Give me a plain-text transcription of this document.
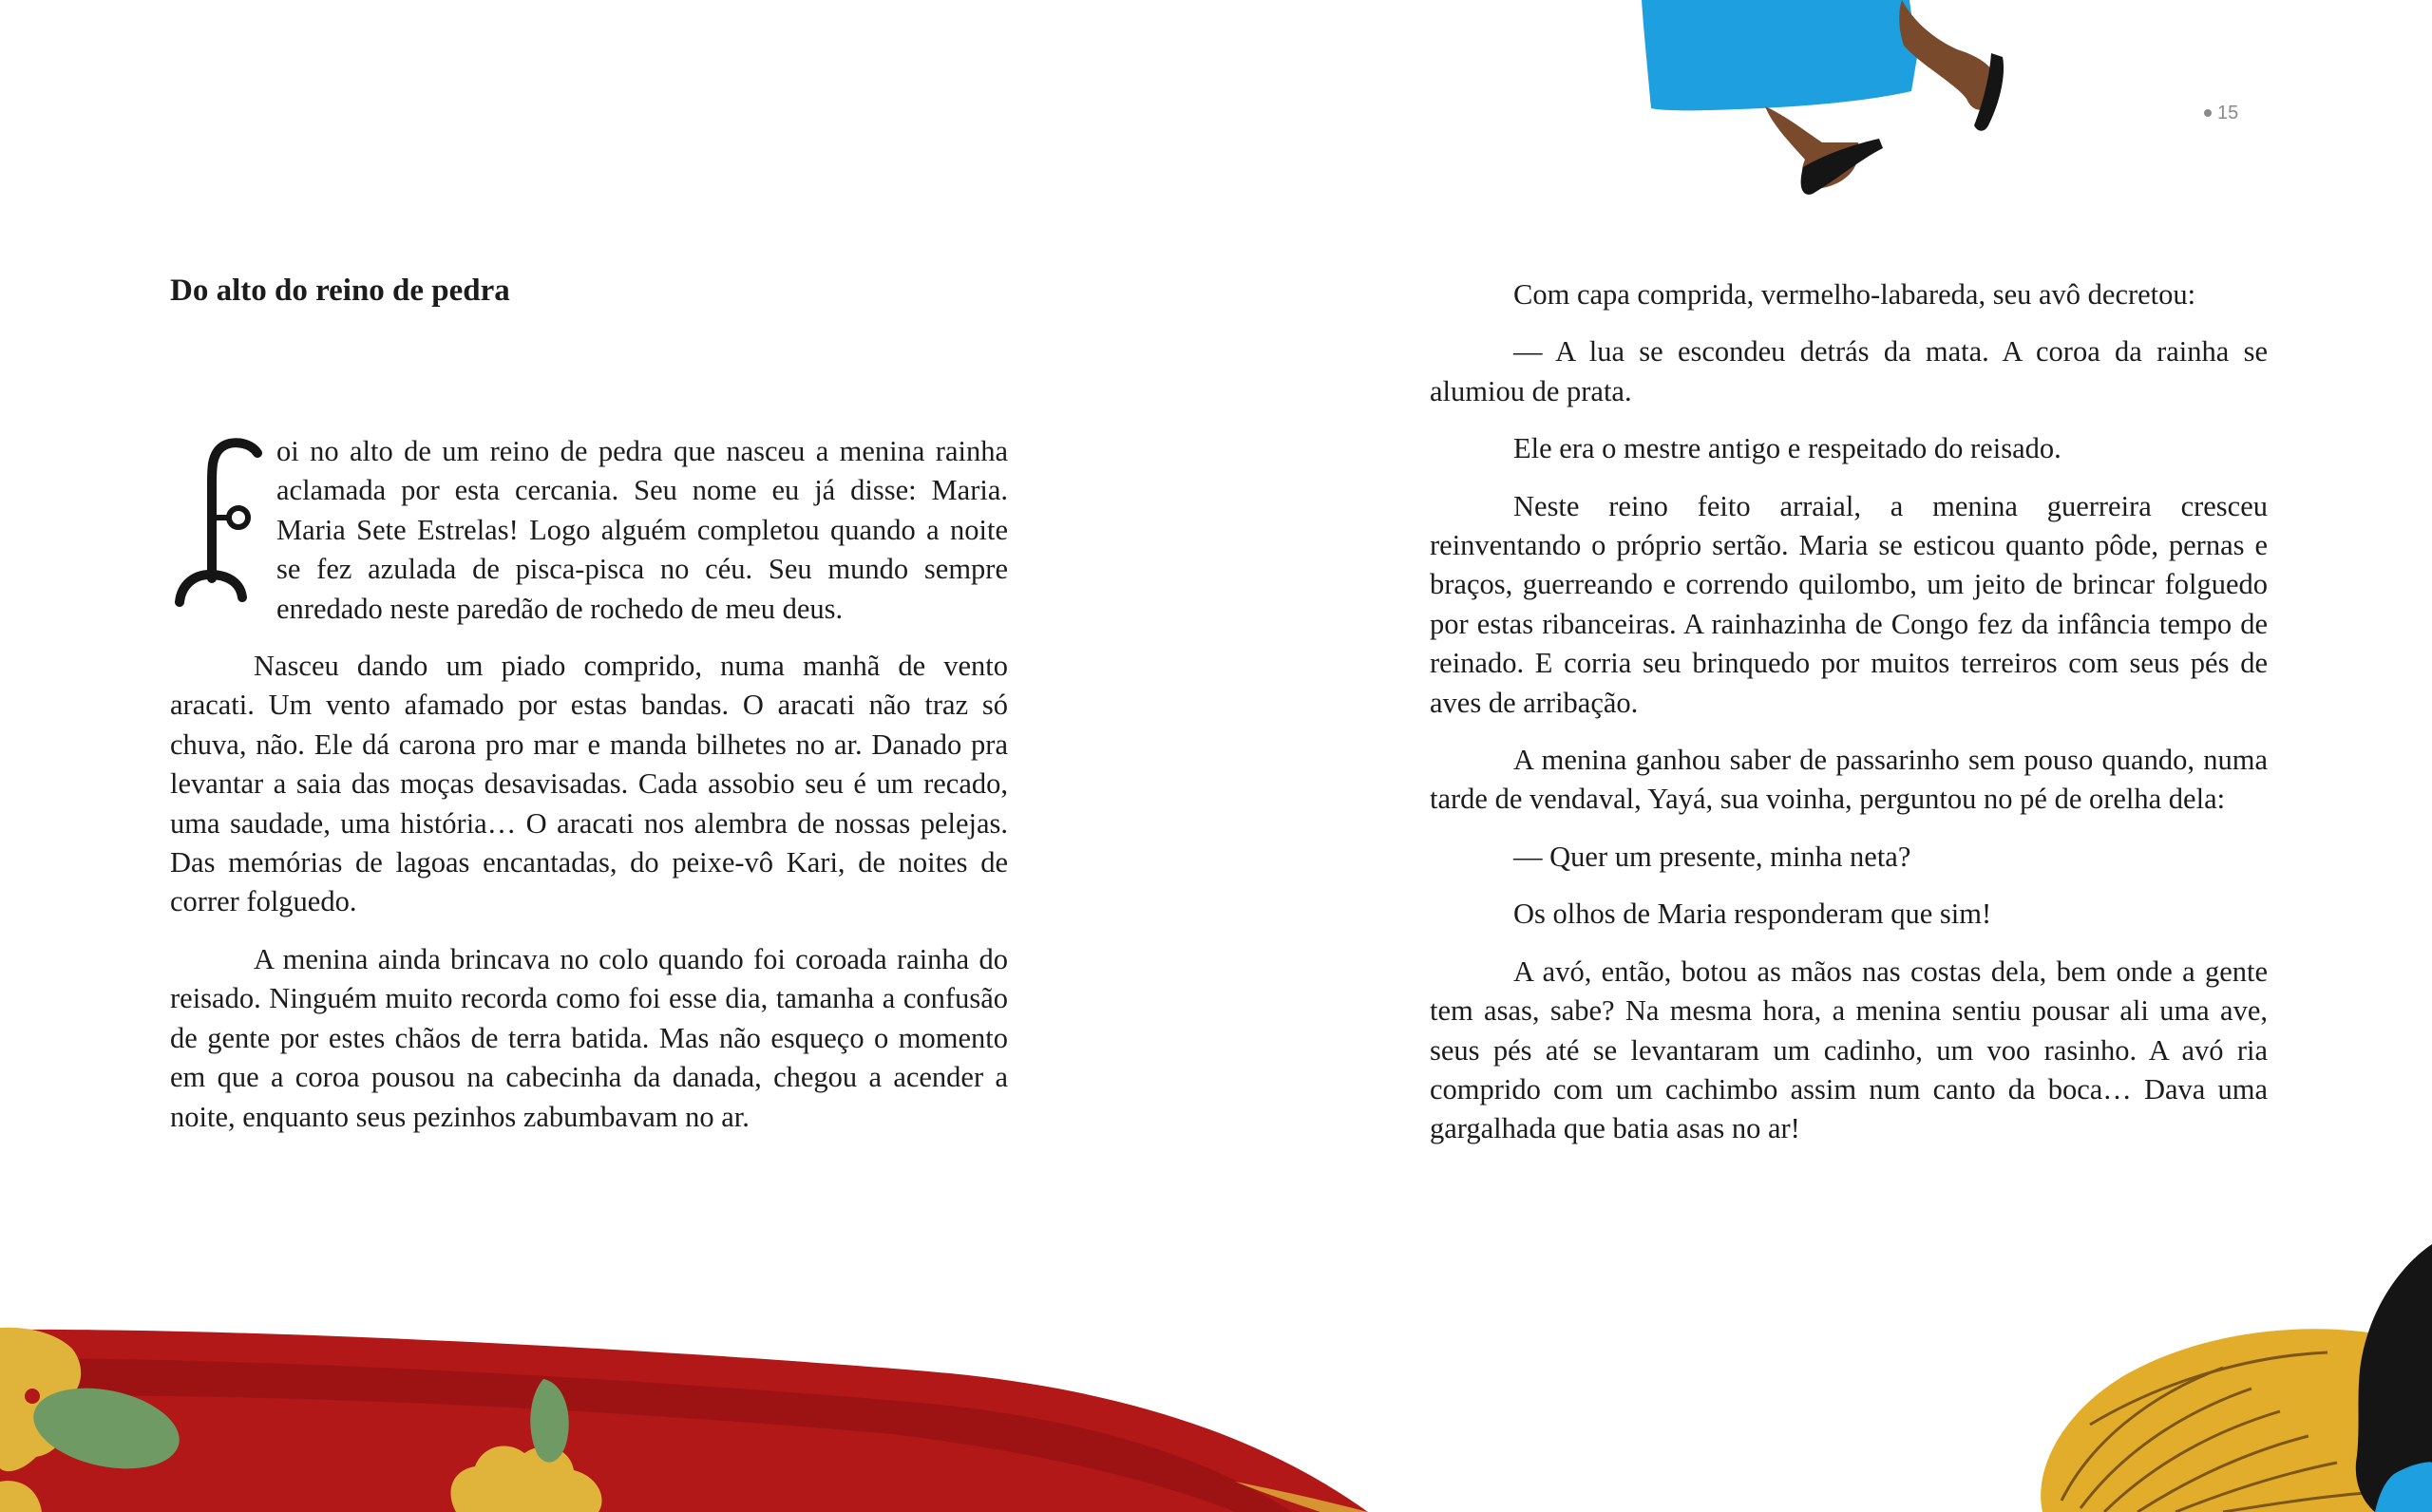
15
Do alto do reino de pedra

oi no alto de um reino de pedra que nasceu a menina rainha aclamada por esta cercania. Seu nome eu já disse: Maria. Maria Sete Estrelas! Logo alguém completou quando a noite se fez azulada de pisca-pisca no céu. Seu mundo sempre enredado neste paredão de rochedo de meu deus.

Nasceu dando um piado comprido, numa manhã de vento aracati. Um vento afamado por estas bandas. O aracati não traz só chuva, não. Ele dá carona pro mar e manda bilhetes no ar. Danado pra levantar a saia das moças desavisadas. Cada assobio seu é um recado, uma saudade, uma história… O aracati nos alembra de nossas pelejas. Das memórias de lagoas encantadas, do peixe-vô Kari, de noites de correr folguedo.

A menina ainda brincava no colo quando foi coroada rainha do reisado. Ninguém muito recorda como foi esse dia, tamanha a confusão de gente por estes chãos de terra batida. Mas não esqueço o momento em que a coroa pousou na cabecinha da danada, chegou a acender a noite, enquanto seus pezinhos zabumbavam no ar.

Com capa comprida, vermelho-labareda, seu avô decretou:

— A lua se escondeu detrás da mata. A coroa da rainha se alumiou de prata.

Ele era o mestre antigo e respeitado do reisado.

Neste reino feito arraial, a menina guerreira cresceu reinventando o próprio sertão. Maria se esticou quanto pôde, pernas e braços, guerreando e correndo quilombo, um jeito de brincar folguedo por estas ribanceiras. A rainhazinha de Congo fez da infância tempo de reinado. E corria seu brinquedo por muitos terreiros com seus pés de aves de arribação.

A menina ganhou saber de passarinho sem pouso quando, numa tarde de vendaval, Yayá, sua voinha, perguntou no pé de orelha dela:

— Quer um presente, minha neta?

Os olhos de Maria responderam que sim!

A avó, então, botou as mãos nas costas dela, bem onde a gente tem asas, sabe? Na mesma hora, a menina sentiu pousar ali uma ave, seus pés até se levantaram um cadinho, um voo rasinho. A avó ria comprido com um cachimbo assim num canto da boca… Dava uma gargalhada que batia asas no ar!
